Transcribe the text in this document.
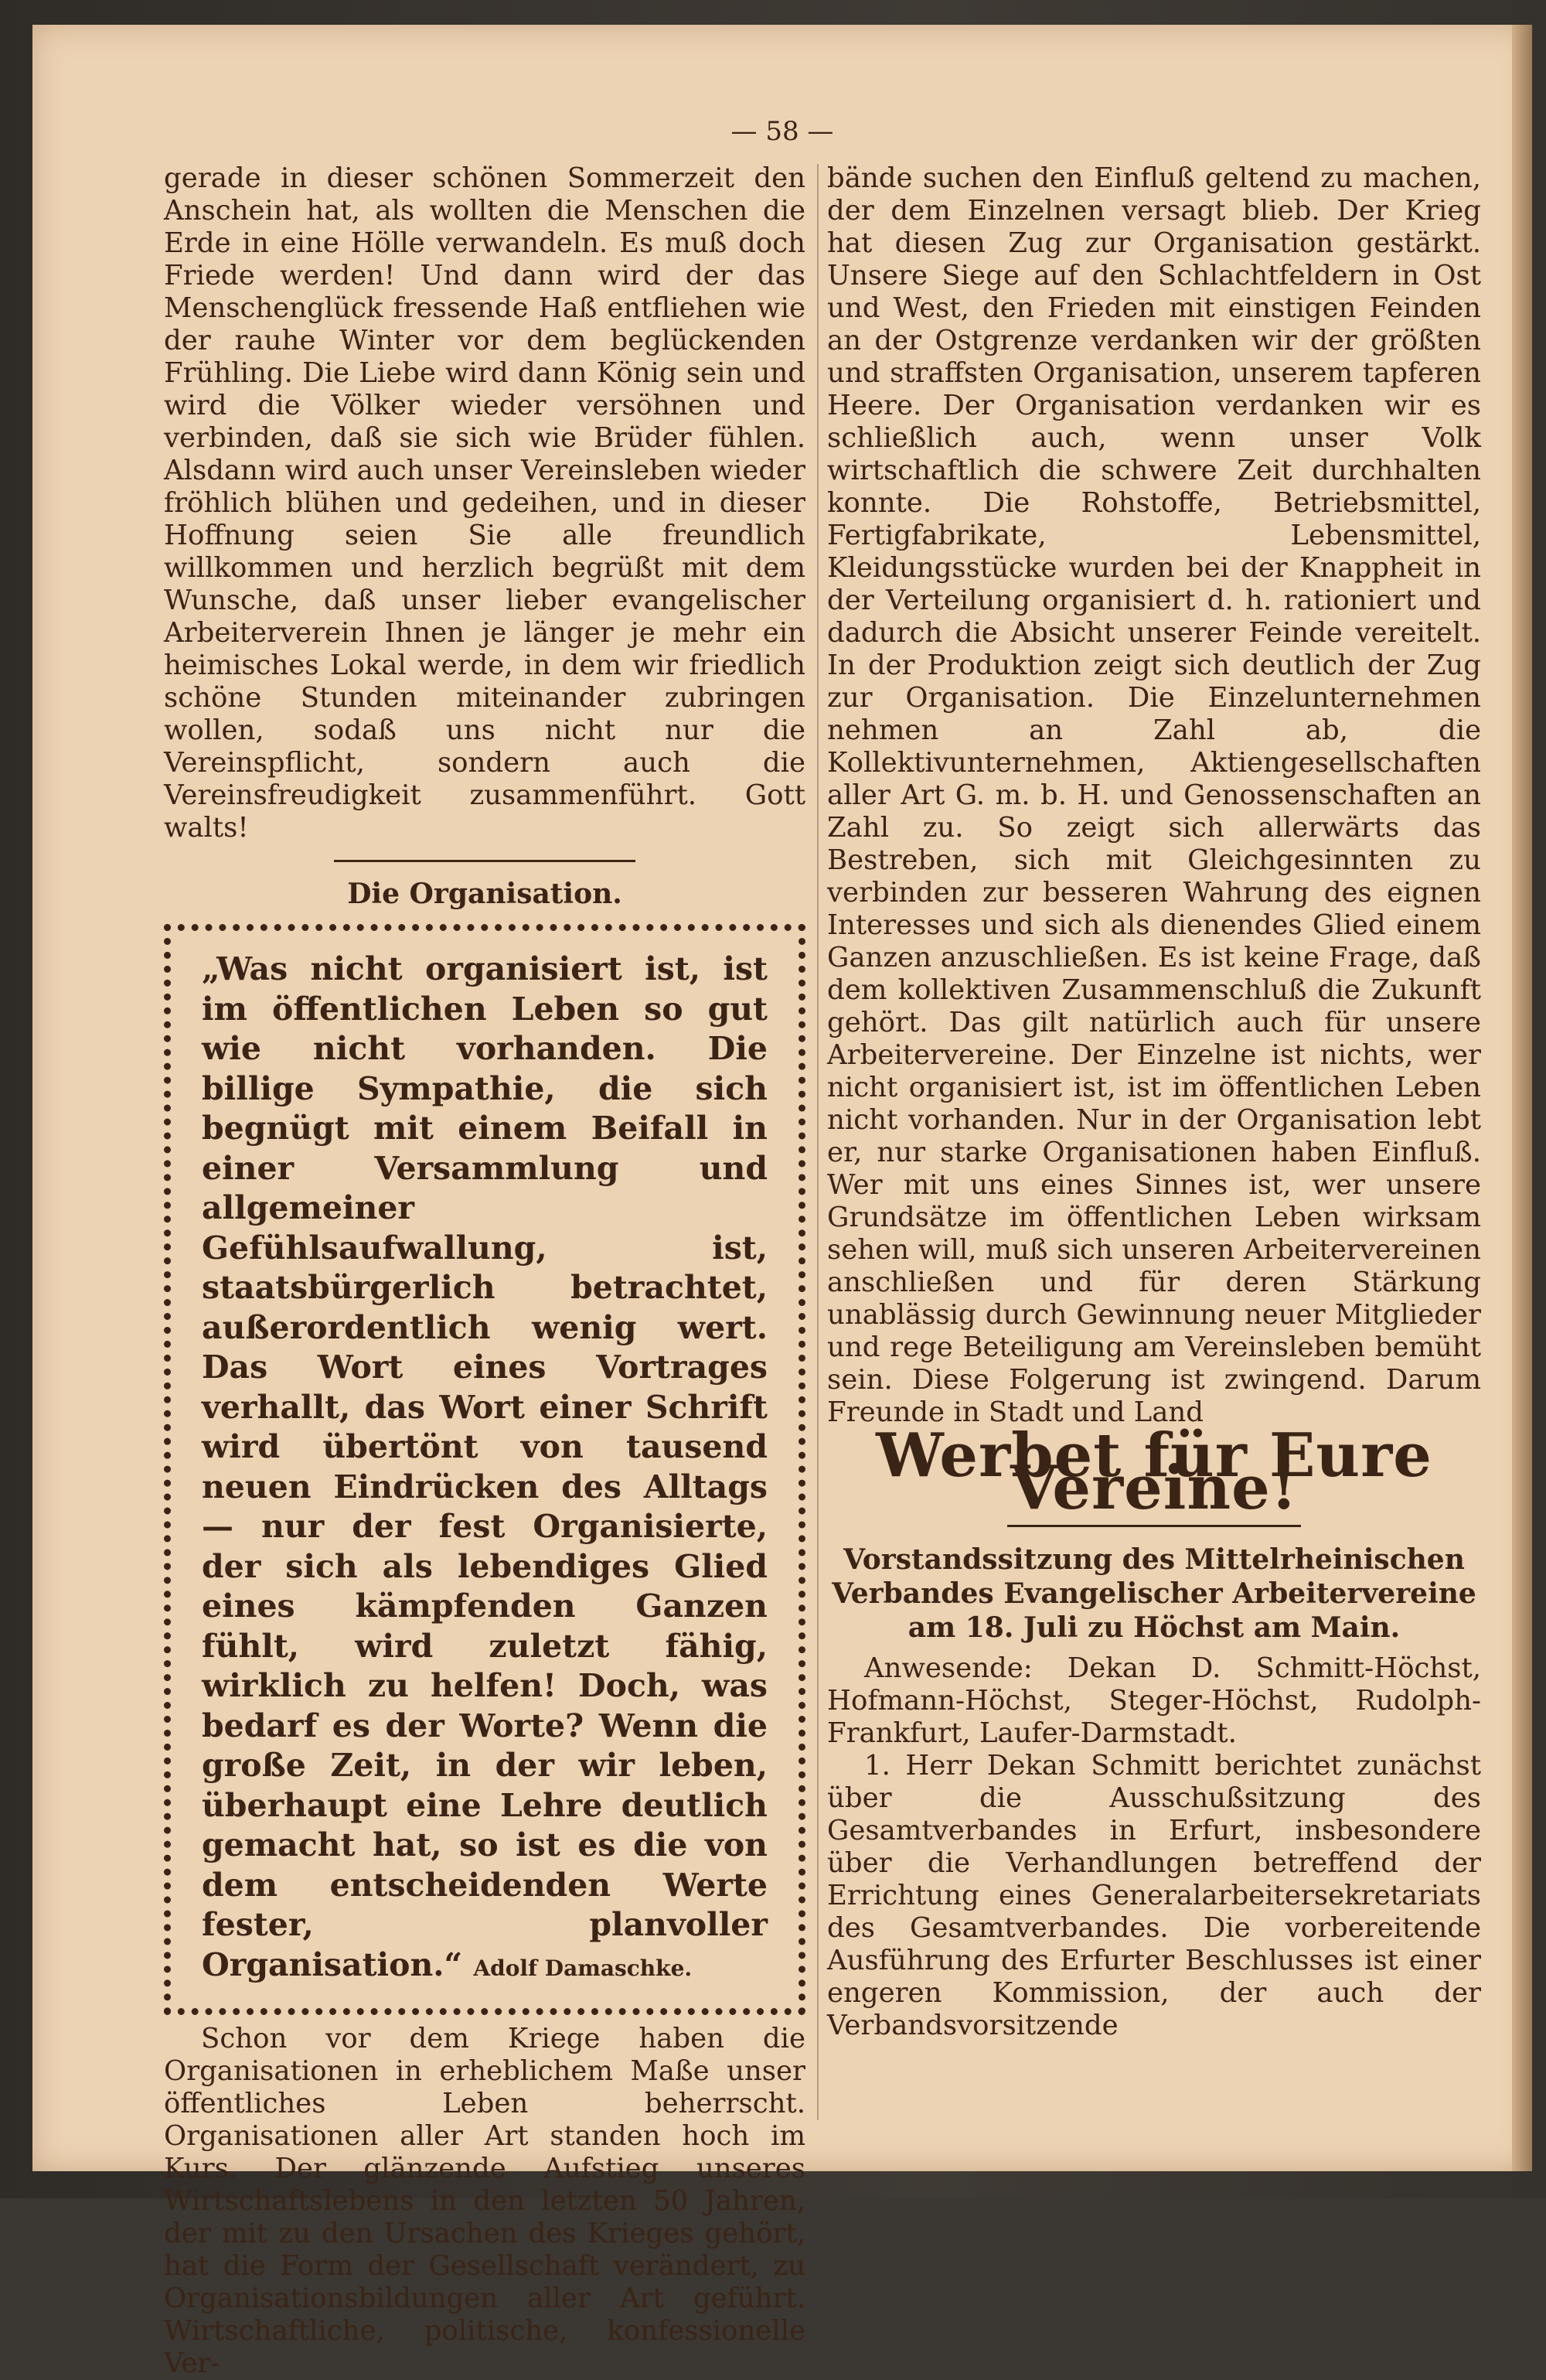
— 58 —

gerade in dieser schönen Sommerzeit den Anschein hat, als wollten die Menschen die Erde in eine Hölle verwandeln. Es muß doch Friede werden! Und dann wird der das Menschenglück fressende Haß entfliehen wie der rauhe Winter vor dem beglückenden Frühling. Die Liebe wird dann König sein und wird die Völker wieder versöhnen und verbinden, daß sie sich wie Brüder fühlen. Alsdann wird auch unser Vereinsleben wieder fröhlich blühen und gedeihen, und in dieser Hoffnung seien Sie alle freundlich willkommen und herzlich begrüßt mit dem Wunsche, daß unser lieber evangelischer Arbeiterverein Ihnen je länger je mehr ein heimisches Lokal werde, in dem wir friedlich schöne Stunden miteinander zubringen wollen, sodaß uns nicht nur die Vereinspflicht, sondern auch die Vereinsfreudigkeit zusammenführt. Gott walts!

Die Organisation.

„Was nicht organisiert ist, ist im öffentlichen Leben so gut wie nicht vorhanden. Die billige Sympathie, die sich begnügt mit einem Beifall in einer Versammlung und allgemeiner Gefühlsaufwallung, ist, staatsbürgerlich betrachtet, außerordentlich wenig wert. Das Wort eines Vortrages verhallt, das Wort einer Schrift wird übertönt von tausend neuen Eindrücken des Alltags — nur der fest Organisierte, der sich als lebendiges Glied eines kämpfenden Ganzen fühlt, wird zuletzt fähig, wirklich zu helfen! Doch, was bedarf es der Worte? Wenn die große Zeit, in der wir leben, überhaupt eine Lehre deutlich gemacht hat, so ist es die von dem entscheidenden Werte fester, planvoller Organisation.“ Adolf Damaschke.

Schon vor dem Kriege haben die Organisationen in erheblichem Maße unser öffentliches Leben beherrscht. Organisationen aller Art standen hoch im Kurs. Der glänzende Aufstieg unseres Wirtschaftslebens in den letzten 50 Jahren, der mit zu den Ursachen des Krieges gehört, hat die Form der Gesellschaft verändert, zu Organisationsbildungen aller Art geführt. Wirtschaftliche, politische, konfessionelle Ver-

bände suchen den Einfluß geltend zu machen, der dem Einzelnen versagt blieb. Der Krieg hat diesen Zug zur Organisation gestärkt. Unsere Siege auf den Schlachtfeldern in Ost und West, den Frieden mit einstigen Feinden an der Ostgrenze verdanken wir der größten und straffsten Organisation, unserem tapferen Heere. Der Organisation verdanken wir es schließlich auch, wenn unser Volk wirtschaftlich die schwere Zeit durchhalten konnte. Die Rohstoffe, Betriebsmittel, Fertigfabrikate, Lebensmittel, Kleidungsstücke wurden bei der Knappheit in der Verteilung organisiert d. h. rationiert und dadurch die Absicht unserer Feinde vereitelt. In der Produktion zeigt sich deutlich der Zug zur Organisation. Die Einzelunternehmen nehmen an Zahl ab, die Kollektivunternehmen, Aktiengesellschaften aller Art G. m. b. H. und Genossenschaften an Zahl zu. So zeigt sich allerwärts das Bestreben, sich mit Gleichgesinnten zu verbinden zur besseren Wahrung des eignen Interesses und sich als dienendes Glied einem Ganzen anzuschließen. Es ist keine Frage, daß dem kollektiven Zusammenschluß die Zukunft gehört. Das gilt natürlich auch für unsere Arbeitervereine. Der Einzelne ist nichts, wer nicht organisiert ist, ist im öffentlichen Leben nicht vorhanden. Nur in der Organisation lebt er, nur starke Organisationen haben Einfluß. Wer mit uns eines Sinnes ist, wer unsere Grundsätze im öffentlichen Leben wirksam sehen will, muß sich unseren Arbeitervereinen anschließen und für deren Stärkung unablässig durch Gewinnung neuer Mitglieder und rege Beteiligung am Vereinsleben bemüht sein. Diese Folgerung ist zwingend. Darum Freunde in Stadt und Land

Werbet für Eure Vereine!
Vorstandssitzung des Mittelrheinischen Verbandes Evangelischer Arbeitervereine am 18. Juli zu Höchst am Main.

Anwesende: Dekan D. Schmitt-Höchst, Hofmann-Höchst, Steger-Höchst, Rudolph-Frankfurt, Laufer-Darmstadt.

1. Herr Dekan Schmitt berichtet zunächst über die Ausschußsitzung des Gesamtverbandes in Erfurt, insbesondere über die Verhandlungen betreffend der Errichtung eines Generalarbeitersekretariats des Gesamtverbandes. Die vorbereitende Ausführung des Erfurter Beschlusses ist einer engeren Kommission, der auch der Verbandsvorsitzende
